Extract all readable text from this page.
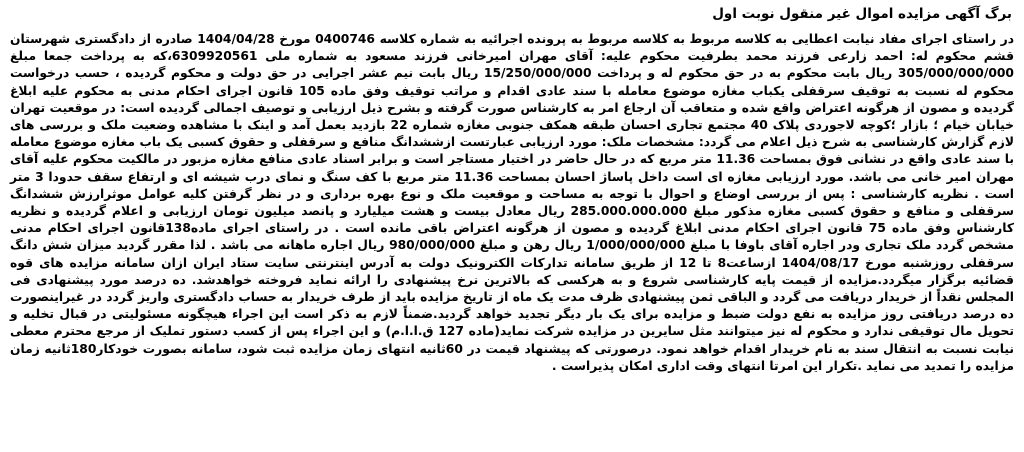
برگ آگهی مزایده اموال غیر منقول نوبت اول

در راستای اجرای مفاد نیابت اعطایی به کلاسه مربوط به کلاسه مربوط به پرونده اجرائیه به شماره کلاسه 0400746 مورخ 1404/04/28 صادره از دادگستری شهرستان قشم محکوم له: احمد زارعی فرزند محمد بطرفیت محکوم علیه: آقای مهران امیرخانی فرزند مسعود به شماره ملی 6309920561،که به پرداخت جمعا مبلغ 305/000/000/000 ریال بابت محکوم به در حق محکوم له و پرداخت 15/250/000/000 ریال بابت نیم عشر اجرایی در حق دولت و محکوم گردیده ، حسب درخواست محکوم له نسبت به توقیف سرقفلی یکباب مغازه موضوع معامله با سند عادی اقدام و مراتب توقیف وفق ماده 105 قانون اجرای احکام مدنی به محکوم علیه ابلاغ گردیده و مصون از هرگونه اعتراض واقع شده و متعاقب آن ارجاع امر به کارشناس صورت گرفته و بشرح ذیل ارزیابی و توصیف اجمالی گردیده است: در موقعیت تهران خیابان خیام ؛ بازار ؛کوچه لاجوردی پلاک 40 مجتمع تجاری احسان طبقه همکف جنوبی مغازه شماره 22 بازدید بعمل آمد و اینک با مشاهده وضعیت ملک و بررسی های لازم گزارش کارشناسی به شرح ذیل اعلام می گردد: مشخصات ملک: مورد ارزیابی عبارتست ازششدانگ منافع و سرقفلی و حقوق کسبی یک باب مغازه موضوع معامله با سند عادی واقع در نشانی فوق بمساحت 11.36 متر مربع که در حال حاضر در اختیار مستاجر است و برابر اسناد عادی منافع مغازه مزبور در مالکیت محکوم علیه آقای مهران امیر خانی می باشد. مورد ارزیابی مغازه ای است داخل پاساژ احسان بمساحت 11.36 متر مربع با کف سنگ و نمای درب شیشه ای و ارتفاع سقف حدودا 3 متر است . نظریه کارشناسی : پس از بررسی اوضاع و احوال با توجه به مساحت و موقعیت ملک و نوع بهره برداری و در نظر گرفتن کلیه عوامل موثرارزش ششدانگ سرقفلی و منافع و حقوق کسبی مغازه مذکور مبلغ 285.000.000.000 ریال معادل بیست و هشت میلیارد و پانصد میلیون تومان ارزیابی و اعلام گردیده و نظریه کارشناس وفق ماده 75 قانون اجرای احکام مدنی ابلاغ گردیده و مصون از هرگونه اعتراض باقی مانده است . در راستای اجرای ماده138قانون اجرای احکام مدنی مشخص گردد ملک تجاری ودر اجاره آقای باوفا با مبلغ 1/000/000/000 ریال رهن و مبلغ 980/000/000 ریال اجاره ماهانه می باشد . لذا مقرر گردید میزان شش دانگ سرقفلی روزشنبه مورخ 1404/08/17 ازساعت8 تا 12 از طریق سامانه تدارکات الکترونیک دولت به آدرس اینترنتی سایت ستاد ایران ازان سامانه مزایده های قوه قضائیه برگزار میگردد.مزایده از قیمت پایه کارشناسی شروع و به هرکسی که بالاترین نرخ پیشنهادی را ارائه نماید فروخته خواهدشد. ده درصد مورد پیشنهادی فی المجلس نقداً از خریدار دریافت می گردد و الباقی ثمن پیشنهادی ظرف مدت یک ماه از تاریخ مزایده باید از طرف خریدار به حساب دادگستری واریز گردد در غیراینصورت ده درصد دریافتی روز مزایده به نفع دولت ضبط و مزایده برای یک بار دیگر تجدید خواهد گردید.ضمناً لازم به ذکر است این اجراء هیچگونه مسئولیتی در قبال تخلیه و تحویل مال توقیفی ندارد و محکوم له نیز میتوانند مثل سایرین در مزایده شرکت نماید(ماده 127 ق.ا.ا.م) و این اجراء پس از کسب دستور تملیک از مرجع محترم معطی نیابت نسبت به انتقال سند به نام خریدار اقدام خواهد نمود. درصورتی که پیشنهاد قیمت در 60ثانیه انتهای زمان مزایده ثبت شود، سامانه بصورت خودکار180ثانیه زمان مزایده را تمدید می نماید .تکرار این امرتا انتهای وقت اداری امکان پذیراست .
